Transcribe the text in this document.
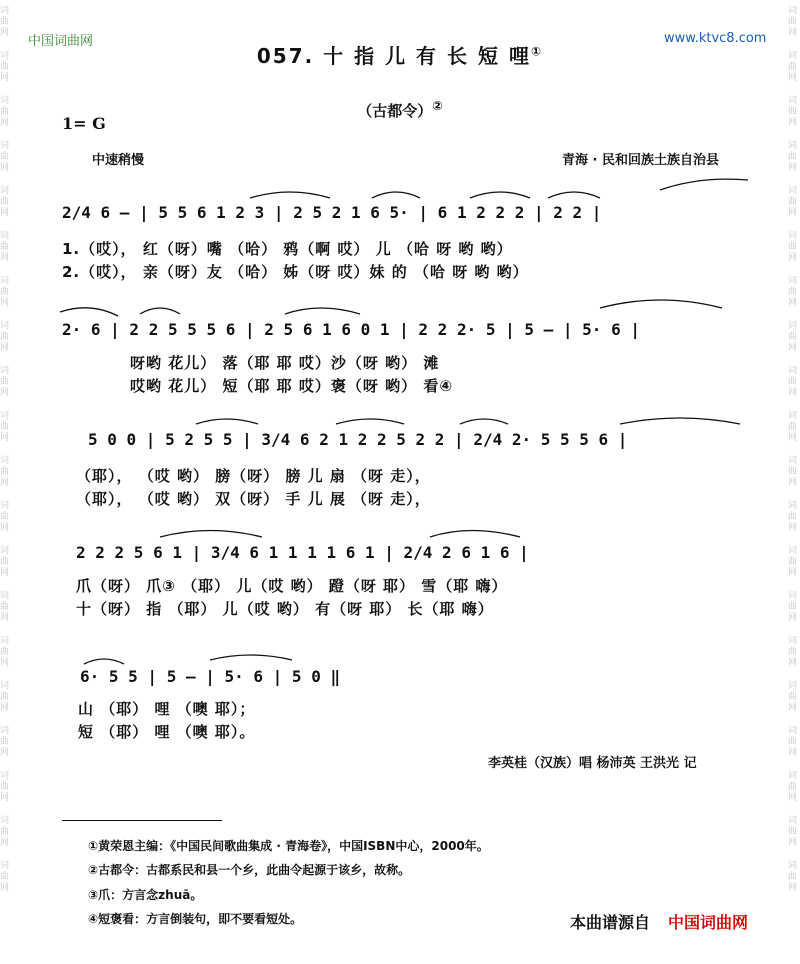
词曲网
词曲网
词曲网
词曲网
词曲网
词曲网
词曲网
词曲网
词曲网
词曲网
词曲网
词曲网
词曲网
词曲网
词曲网
词曲网
词曲网
词曲网
词曲网
词曲网
词曲网
词曲网
词曲网
词曲网
词曲网
词曲网
词曲网
词曲网
词曲网
词曲网
词曲网
词曲网
词曲网
词曲网
词曲网
词曲网
词曲网
词曲网
词曲网
词曲网
中国词曲网	www.ktvc8.com
057. 十 指 儿 有 长 短 哩①
（古都令）②
1= G
中速稍慢	青海 · 民和回族土族自治县
2/4 6 – | 5 5 6 1 2 3 | 2 5 2 1 6 5· | 6 1 2 2 2 | 2 2 |
1.（哎）， 红（呀）嘴 （哈） 鸦（啊 哎） 儿 （哈 呀 哟 哟）
2.（哎）， 亲（呀）友 （哈） 姊（呀 哎）妹 的 （哈 呀 哟 哟）
2· 6 | 2 2 5 5 5 6 | 2 5 6 1 6 0 1 | 2 2 2· 5 | 5 – | 5· 6 |
呀哟 花儿） 落（耶 耶 哎）沙（呀 哟） 滩
哎哟 花儿） 短（耶 耶 哎）褒（呀 哟） 看④
5 0 0 | 5 2 5 5 | 3/4 6 2 1 2 2 5 2 2 | 2/4 2· 5 5 5 6 |
（耶）， （哎 哟） 膀（呀） 膀 儿 扇 （呀 走），
（耶）， （哎 哟） 双（呀） 手 儿 展 （呀 走），
2 2 2 5 6 1 | 3/4 6 1 1 1 1 6 1 | 2/4 2 6 1 6 |
爪（呀） 爪③ （耶） 儿（哎 哟） 蹬（呀 耶） 雪（耶 嗨）
十（呀） 指 （耶） 儿（哎 哟） 有（呀 耶） 长（耶 嗨）
6· 5 5 | 5 – | 5· 6 | 5 0 ‖
山 （耶） 哩 （噢 耶）；
短 （耶） 哩 （噢 耶）。
李英桂（汉族）唱 杨沛英 王洪光 记
①黄荣恩主编：《中国民间歌曲集成 · 青海卷》，中国ISBN中心，2000年。
②古都令：古都系民和县一个乡，此曲令起源于该乡，故称。
③爪：方言念zhuā。
④短褒看：方言倒装句，即不要看短处。	本曲谱源自 中国词曲网
